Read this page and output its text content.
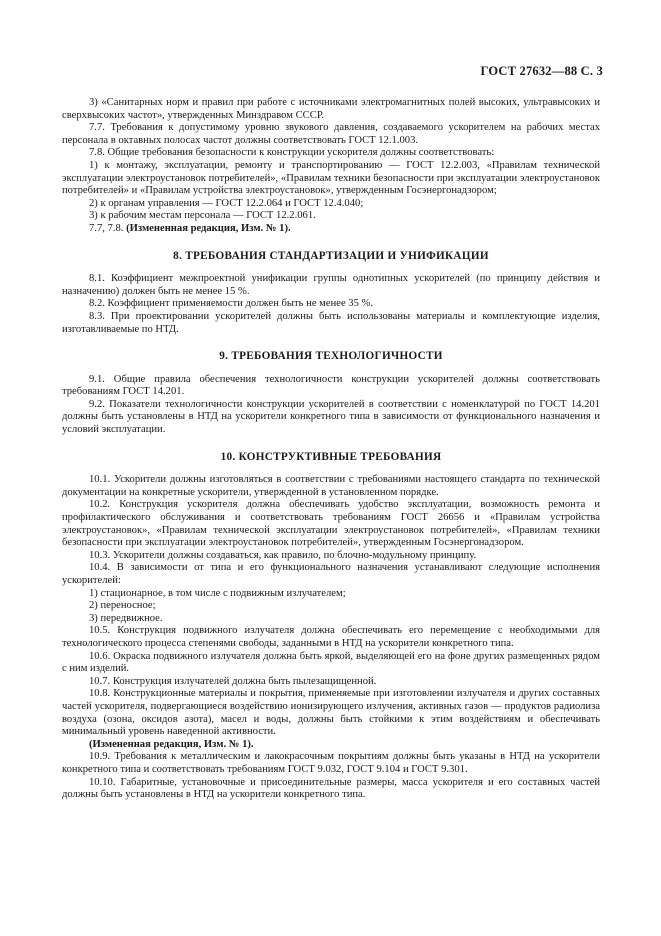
ГОСТ 27632—88 С. 3

3) «Санитарных норм и правил при работе с источниками электромагнитных полей высоких, ультравысоких и сверхвысоких частот», утвержденных Минздравом СССР.

7.7. Требования к допустимому уровню звукового давления, создаваемого ускорителем на рабочих местах персонала в октавных полосах частот должны соответствовать ГОСТ 12.1.003.

7.8. Общие требования безопасности к конструкции ускорителя должны соответствовать:

1) к монтажу, эксплуатации, ремонту и транспортированию — ГОСТ 12.2.003, «Правилам технической эксплуатации электроустановок потребителей», «Правилам техники безопасности при эксплуатации электроустановок потребителей» и «Правилам устройства электроустановок», утвержденным Госэнергонадзором;

2) к органам управления — ГОСТ 12.2.064 и ГОСТ 12.4.040;

3) к рабочим местам персонала — ГОСТ 12.2.061.

7.7, 7.8. (Измененная редакция, Изм. № 1).

8. ТРЕБОВАНИЯ СТАНДАРТИЗАЦИИ И УНИФИКАЦИИ

8.1. Коэффициент межпроектной унификации группы однотипных ускорителей (по принципу действия и назначению) должен быть не менее 15 %.

8.2. Коэффициент применяемости должен быть не менее 35 %.

8.3. При проектировании ускорителей должны быть использованы материалы и комплектующие изделия, изготавливаемые по НТД.

9. ТРЕБОВАНИЯ ТЕХНОЛОГИЧНОСТИ

9.1. Общие правила обеспечения технологичности конструкции ускорителей должны соответствовать требованиям ГОСТ 14.201.

9.2. Показатели технологичности конструкции ускорителей в соответствии с номенклатурой по ГОСТ 14.201 должны быть установлены в НТД на ускорители конкретного типа в зависимости от функционального назначения и условий эксплуатации.

10. КОНСТРУКТИВНЫЕ ТРЕБОВАНИЯ

10.1. Ускорители должны изготовляться в соответствии с требованиями настоящего стандарта по технической документации на конкретные ускорители, утвержденной в установленном порядке.

10.2. Конструкция ускорителя должна обеспечивать удобство эксплуатации, возможность ремонта и профилактического обслуживания и соответствовать требованиям ГОСТ 26656 и «Правилам устройства электроустановок», «Правилам технической эксплуатации электроустановок потребителей», «Правилам техники безопасности при эксплуатации электроустановок потребителей», утвержденным Госэнергонадзором.

10.3. Ускорители должны создаваться, как правило, по блочно-модульному принципу.

10.4. В зависимости от типа и его функционального назначения устанавливают следующие исполнения ускорителей:

1) стационарное, в том числе с подвижным излучателем;

2) переносное;

3) передвижное.

10.5. Конструкция подвижного излучателя должна обеспечивать его перемещение с необходимыми для технологического процесса степенями свободы, заданными в НТД на ускорители конкретного типа.

10.6. Окраска подвижного излучателя должна быть яркой, выделяющей его на фоне других размещенных рядом с ним изделий.

10.7. Конструкция излучателей должна быть пылезащищенной.

10.8. Конструкционные материалы и покрытия, применяемые при изготовлении излучателя и других составных частей ускорителя, подвергающиеся воздействию ионизирующего излучения, активных газов — продуктов радиолиза воздуха (озона, оксидов азота), масел и воды, должны быть стойкими к этим воздействиям и обеспечивать минимальный уровень наведенной активности.

(Измененная редакция, Изм. № 1).

10.9. Требования к металлическим и лакокрасочным покрытиям должны быть указаны в НТД на ускорители конкретного типа и соответствовать требованиям ГОСТ 9.032, ГОСТ 9.104 и ГОСТ 9.301.

10.10. Габаритные, установочные и присоединительные размеры, масса ускорителя и его составных частей должны быть установлены в НТД на ускорители конкретного типа.
